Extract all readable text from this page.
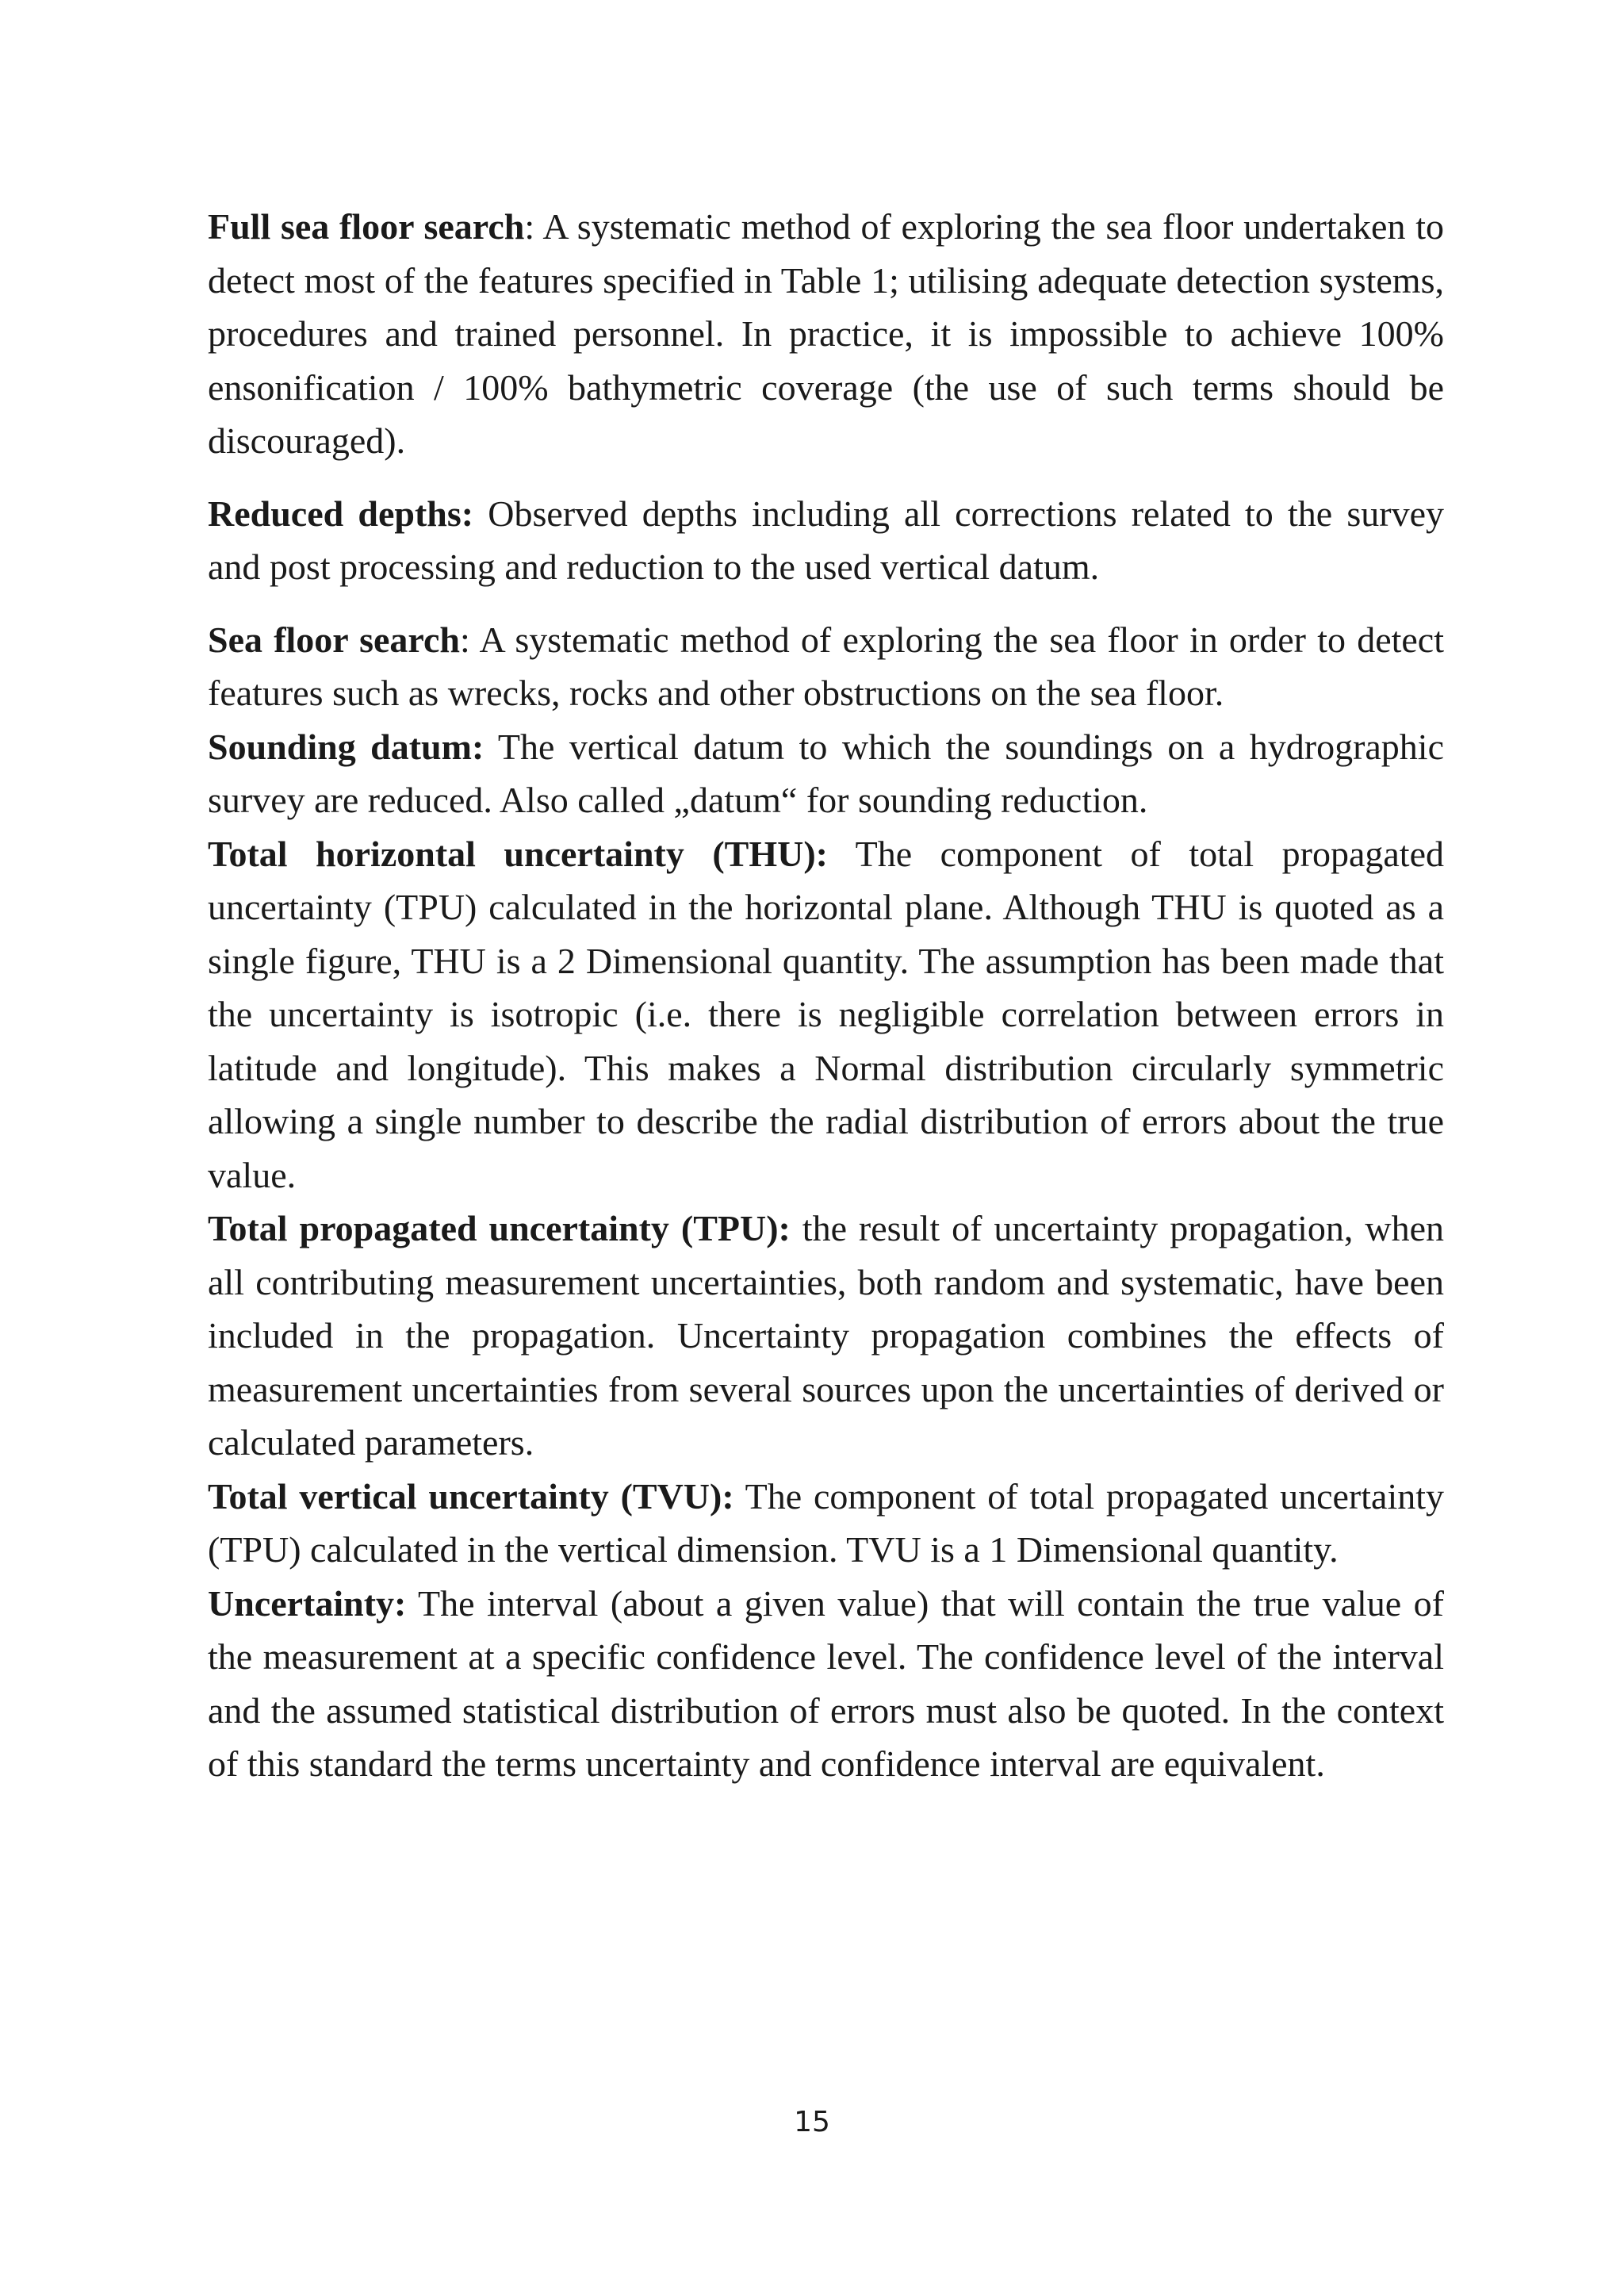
Full sea floor search: A systematic method of exploring the sea floor undertaken to detect most of the features specified in Table 1; utilising adequate detection systems, procedures and trained personnel. In practice, it is impossible to achieve 100% ensonification / 100% bathymetric coverage (the use of such terms should be discouraged).

Reduced depths: Observed depths including all corrections related to the survey and post processing and reduction to the used vertical datum.

Sea floor search: A systematic method of exploring the sea floor in order to detect features such as wrecks, rocks and other obstructions on the sea floor.

Sounding datum: The vertical datum to which the soundings on a hydrographic survey are reduced. Also called „datum“ for sounding reduction.

Total horizontal uncertainty (THU): The component of total propagated uncertainty (TPU) calculated in the horizontal plane. Although THU is quoted as a single figure, THU is a 2 Dimensional quantity. The assumption has been made that the uncertainty is isotropic (i.e. there is negligible correlation between errors in latitude and longitude). This makes a Normal distribution circularly symmetric allowing a single number to describe the radial distribution of errors about the true value.

Total propagated uncertainty (TPU): the result of uncertainty propagation, when all contributing measurement uncertainties, both random and systematic, have been included in the propagation. Uncertainty propagation combines the effects of measurement uncertainties from several sources upon the uncertainties of derived or calculated parameters.

Total vertical uncertainty (TVU): The component of total propagated uncertainty (TPU) calculated in the vertical dimension. TVU is a 1 Dimensional quantity.

Uncertainty: The interval (about a given value) that will contain the true value of the measurement at a specific confidence level. The confidence level of the interval and the assumed statistical distribution of errors must also be quoted. In the context of this standard the terms uncertainty and confidence interval are equivalent.

15
